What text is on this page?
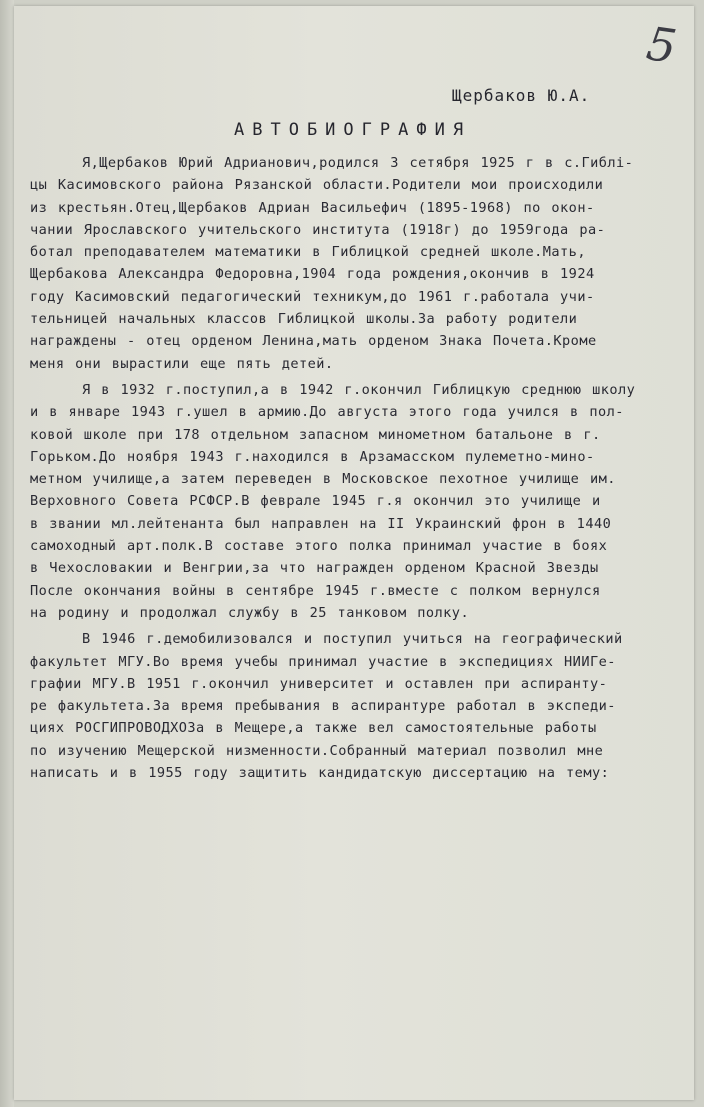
5
Щербаков Ю.А.
АВТОБИОГРАФИЯ
Я,Щербаков Юрий Адрианович,родился 3 сетября 1925 г в с.Гиблі-
цы Касимовского района Рязанской области.Родители мои происходили
из крестьян.Отец,Щербаков Адриан Васильефич (1895-1968) по окон-
чании Ярославского учительского института (1918г) до 1959года ра-
ботал преподавателем математики в Гиблицкой средней школе.Мать,
Щербакова Александра Федоровна,1904 года рождения,окончив в 1924
году Касимовский педагогический техникум,до 1961 г.работала учи-
тельницей начальных классов Гиблицкой школы.За работу родители
награждены - отец орденом Ленина,мать орденом Знака Почета.Кроме
меня они вырастили еще пять детей.
Я в 1932 г.поступил,а в 1942 г.окончил Гиблицкую среднюю школу
и в январе 1943 г.ушел в армию.До августа этого года учился в пол-
ковой школе при 178 отдельном запасном минометном батальоне в г.
Горьком.До ноября 1943 г.находился в Арзамасском пулеметно-мино-
метном училище,а затем переведен в Московское пехотное училище им.
Верховного Совета РСФСР.В феврале 1945 г.я окончил это училище и
в звании мл.лейтенанта был направлен на II Украинский фрон в 1440
самоходный арт.полк.В составе этого полка принимал участие в боях
в Чехословакии и Венгрии,за что награжден орденом Красной Звезды
После окончания войны в сентябре 1945 г.вместе с полком вернулся
на родину и продолжал службу в 25 танковом полку.
В 1946 г.демобилизовался и поступил учиться на географический
факультет МГУ.Во время учебы принимал участие в экспедициях НИИГе-
графии МГУ.В 1951 г.окончил университет и оставлен при аспиранту-
ре факультета.За время пребывания в аспирантуре работал в экспеди-
циях РОСГИПРОВОДХОЗа в Мещере,а также вел самостоятельные работы
по изучению Мещерской низменности.Собранный материал позволил мне
написать и в 1955 году защитить кандидатскую диссертацию на тему:
